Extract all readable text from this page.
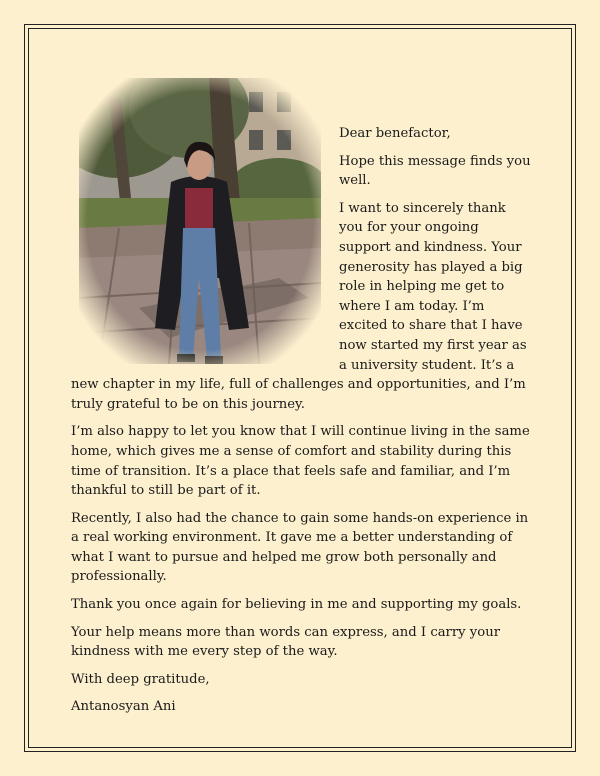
Dear benefactor,

Hope this message finds you well.

I want to sincerely thank you for your ongoing support and kindness. Your generosity has played a big role in helping me get to where I am today. I’m excited to share that I have now started my first year as a university student. It’s a new chapter in my life, full of challenges and opportunities, and I’m truly grateful to be on this journey.

I’m also happy to let you know that I will continue living in the same home, which gives me a sense of comfort and stability during this time of transition. It’s a place that feels safe and familiar, and I’m thankful to still be part of it.

Recently, I also had the chance to gain some hands-on experience in a real working environment. It gave me a better understanding of what I want to pursue and helped me grow both personally and professionally.

Thank you once again for believing in me and supporting my goals.

Your help means more than words can express, and I carry your kindness with me every step of the way.

With deep gratitude,

Antanosyan Ani
